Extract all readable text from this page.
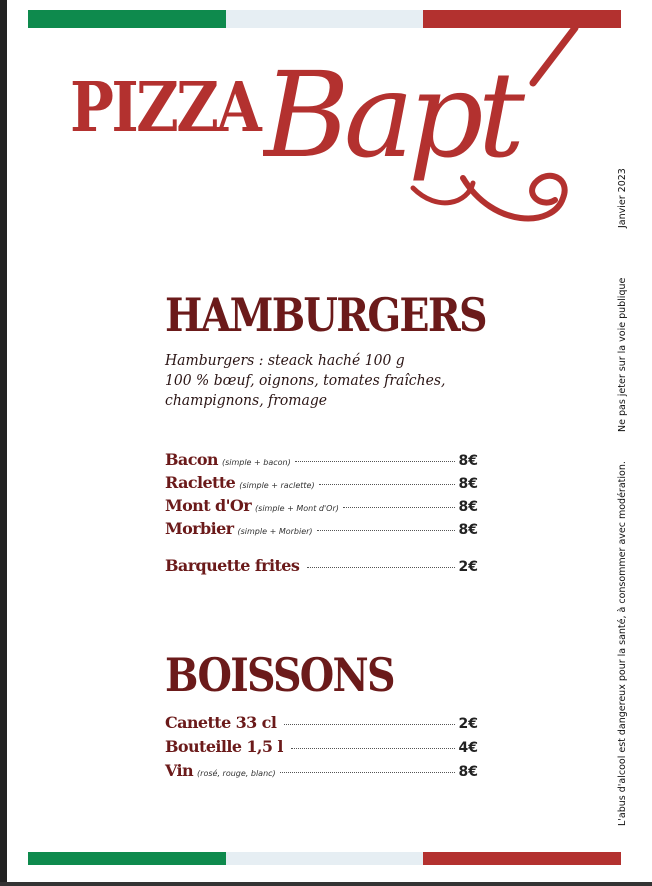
PIZZA Bapt
Janvier 2023
Ne pas jeter sur la voie publique
L'abus d'alcool est dangereux pour la santé, à consommer avec modération.
HAMBURGERS
Hamburgers : steack haché 100 g
100 % bœuf, oignons, tomates fraîches,
champignons, fromage
Bacon (simple + bacon)	8€
Raclette (simple + raclette)	8€
Mont d'Or (simple + Mont d'Or)	8€
Morbier (simple + Morbier)	8€
Barquette frites	2€
BOISSONS
Canette 33 cl	2€
Bouteille 1,5 l	4€
Vin (rosé, rouge, blanc)	8€
